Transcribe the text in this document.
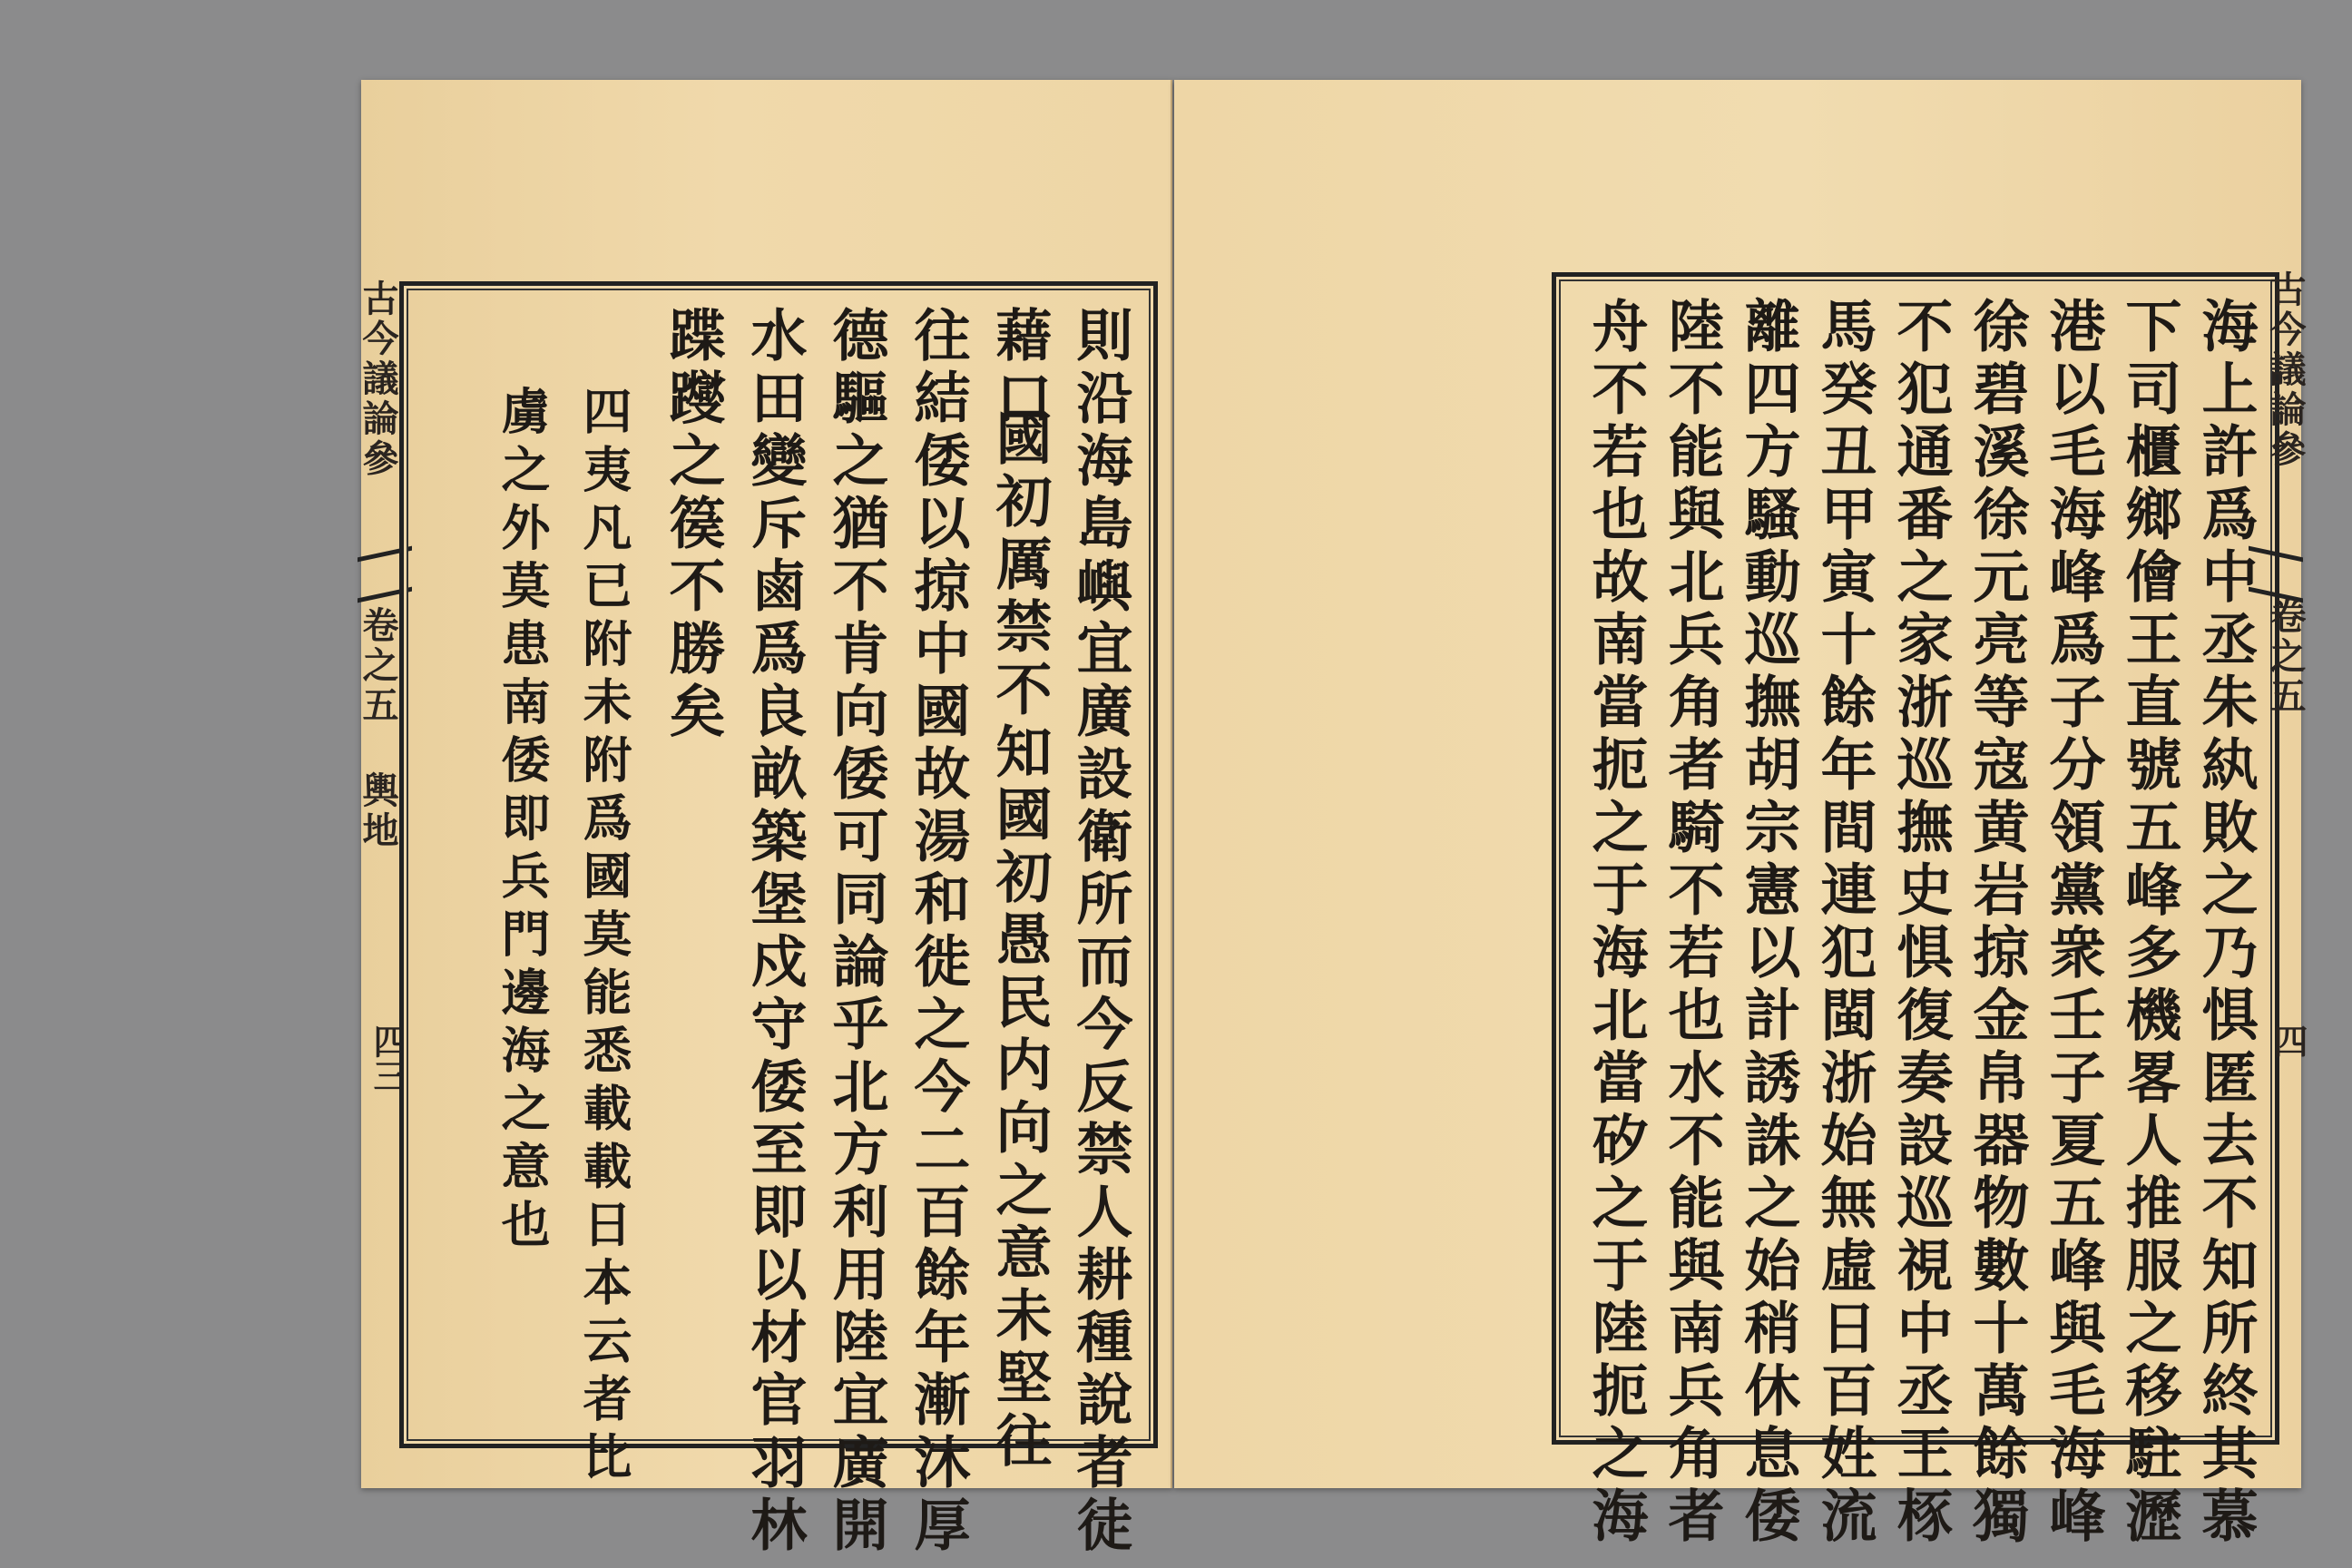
古今議論參  卷之五 輿地
四三	則沿海島嶼宜廣設衛所而今反禁人耕種說者徒
藉口
國初厲禁不知國初愚民内向之意未堅往
往結倭以掠中國故湯和徙之今二百餘年漸沐厚
德驅之猶不肯向倭可同論乎北方利用陸宜廣開
水田變斥鹵爲良畝築堡戍守倭至即以材官羽林
蹀躞之篌不勝矣
四夷凡已附未附爲國莫能悉載載日本云者比
虜之外莫患南倭即兵門邊海之意也	海上許爲中丞朱紈敗之乃惧匿去不知所終其慕
下司櫃鄉儈王直號五峰多機畧人推服之移駐瀝
港以毛海峰爲子分領黨衆壬子夏五峰與毛海峰
徐碧溪徐元亮等寇黄岩掠金帛器物數十萬餘獨
不犯通番之家浙巡撫史惧復奏設巡視中丞王㭬
馬癸丑甲寅十餘年間連犯閩浙始無虛日百姓流
離四方騷動巡撫胡宗憲以計誘誅之始稍休息倭
陸不能與北兵角者騎不若也水不能與南兵角者
舟不若也故南當扼之于海北當矽之于陸扼之海	古今議論參  卷之五
四
